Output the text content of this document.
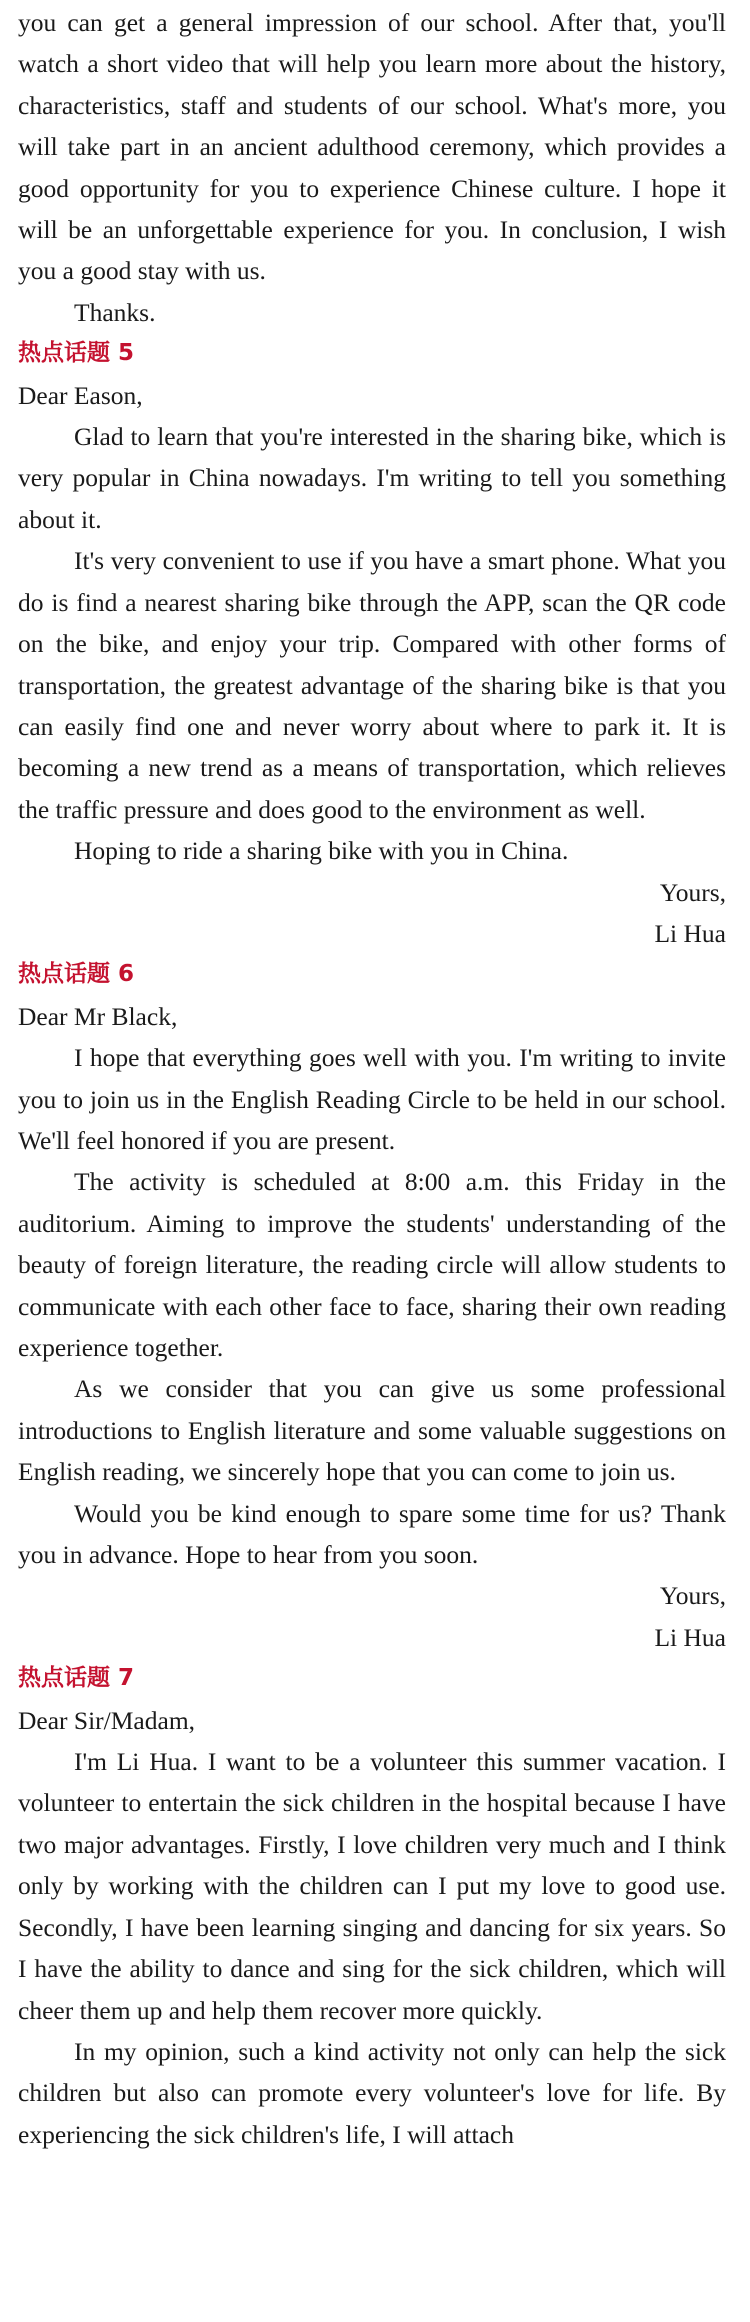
you can get a general impression of our school. After that, you'll watch a short video that will help you learn more about the history, characteristics, staff and students of our school. What's more, you will take part in an ancient adulthood ceremony, which provides a good opportunity for you to experience Chinese culture. I hope it will be an unforgettable experience for you. In conclusion, I wish you a good stay with us.

Thanks.

热点话题 5

Dear Eason,

Glad to learn that you're interested in the sharing bike, which is very popular in China nowadays. I'm writing to tell you something about it.

It's very convenient to use if you have a smart phone. What you do is find a nearest sharing bike through the APP, scan the QR code on the bike, and enjoy your trip. Compared with other forms of transportation, the greatest advantage of the sharing bike is that you can easily find one and never worry about where to park it. It is becoming a new trend as a means of transportation, which relieves the traffic pressure and does good to the environment as well.

Hoping to ride a sharing bike with you in China.

Yours,

Li Hua

热点话题 6

Dear Mr Black,

I hope that everything goes well with you. I'm writing to invite you to join us in the English Reading Circle to be held in our school. We'll feel honored if you are present.

The activity is scheduled at 8:00 a.m. this Friday in the auditorium. Aiming to improve the students' understanding of the beauty of foreign literature, the reading circle will allow students to communicate with each other face to face, sharing their own reading experience together.

As we consider that you can give us some professional introductions to English literature and some valuable suggestions on English reading, we sincerely hope that you can come to join us.

Would you be kind enough to spare some time for us? Thank you in advance. Hope to hear from you soon.

Yours,

Li Hua

热点话题 7

Dear Sir/Madam,

I'm Li Hua. I want to be a volunteer this summer vacation. I volunteer to entertain the sick children in the hospital because I have two major advantages. Firstly, I love children very much and I think only by working with the children can I put my love to good use. Secondly, I have been learning singing and dancing for six years. So I have the ability to dance and sing for the sick children, which will cheer them up and help them recover more quickly.

In my opinion, such a kind activity not only can help the sick children but also can promote every volunteer's love for life. By experiencing the sick children's life, I will attach
